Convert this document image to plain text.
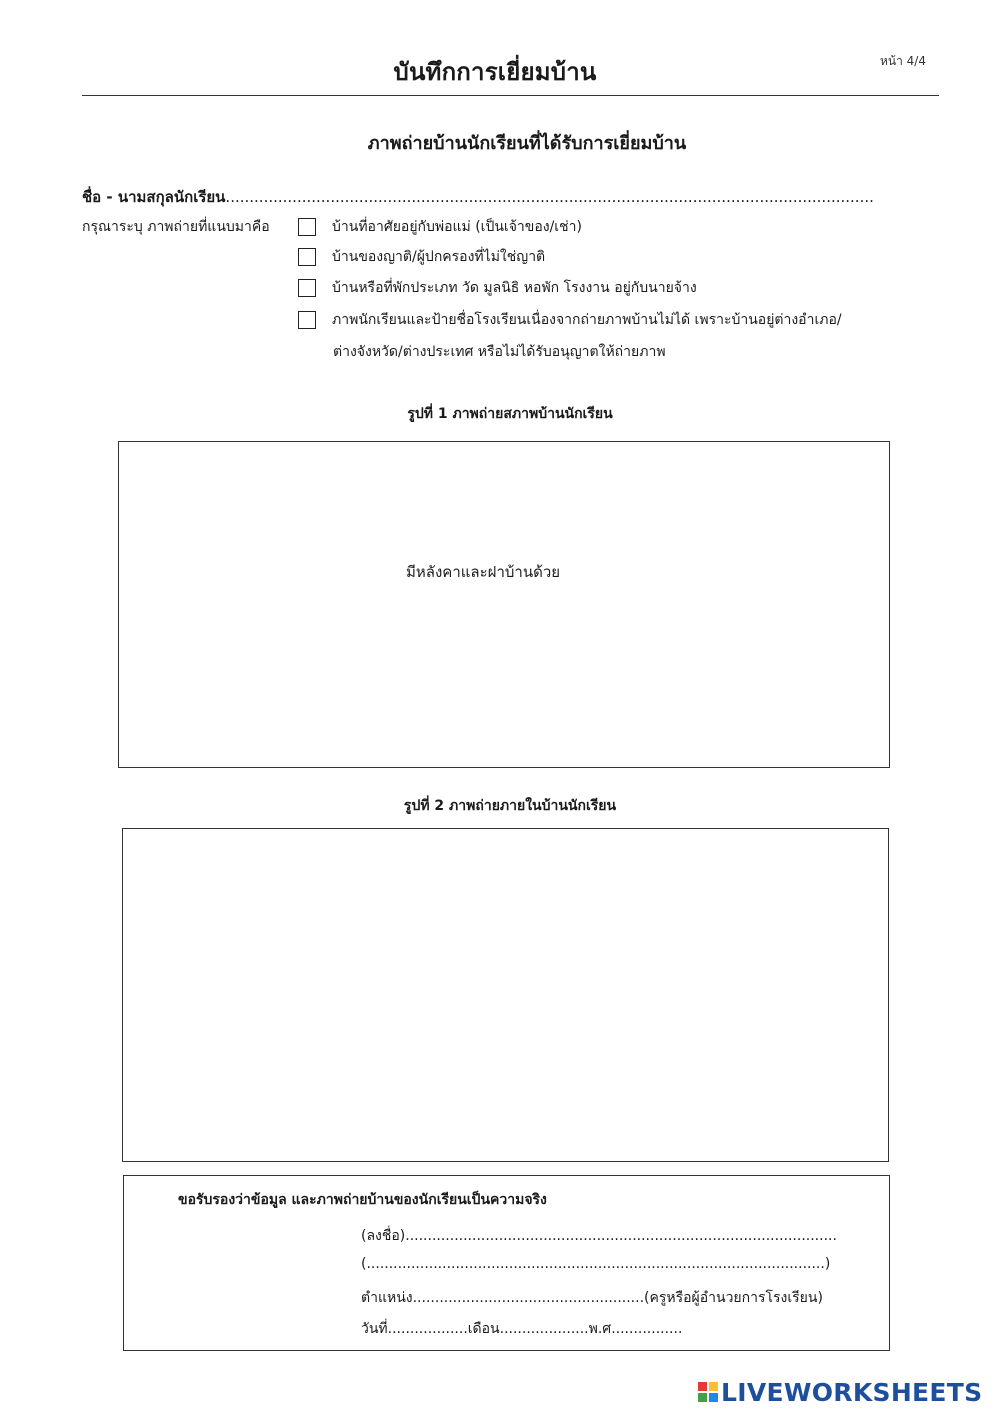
บันทึกการเยี่ยมบ้าน	หน้า 4/4
ภาพถ่ายบ้านนักเรียนที่ได้รับการเยี่ยมบ้าน
ชื่อ - นามสกุลนักเรียน........................................................................................................................................
กรุณาระบุ ภาพถ่ายที่แนบมาคือ	บ้านที่อาศัยอยู่กับพ่อแม่ (เป็นเจ้าของ/เช่า)
บ้านของญาติ/ผู้ปกครองที่ไม่ใช่ญาติ
บ้านหรือที่พักประเภท วัด มูลนิธิ หอพัก โรงงาน อยู่กับนายจ้าง
ภาพนักเรียนและป้ายชื่อโรงเรียนเนื่องจากถ่ายภาพบ้านไม่ได้ เพราะบ้านอยู่ต่างอำเภอ/
ต่างจังหวัด/ต่างประเทศ หรือไม่ได้รับอนุญาตให้ถ่ายภาพ
รูปที่ 1 ภาพถ่ายสภาพบ้านนักเรียน
มีหลังคาและฝาบ้านด้วย
รูปที่ 2 ภาพถ่ายภายในบ้านนักเรียน
ขอรับรองว่าข้อมูล และภาพถ่ายบ้านของนักเรียนเป็นความจริง
(ลงชื่อ).................................................................................................
(.......................................................................................................)
ตำแหน่ง....................................................(ครูหรือผู้อำนวยการโรงเรียน)
วันที่..................เดือน....................พ.ศ................
LIVEWORKSHEETS
